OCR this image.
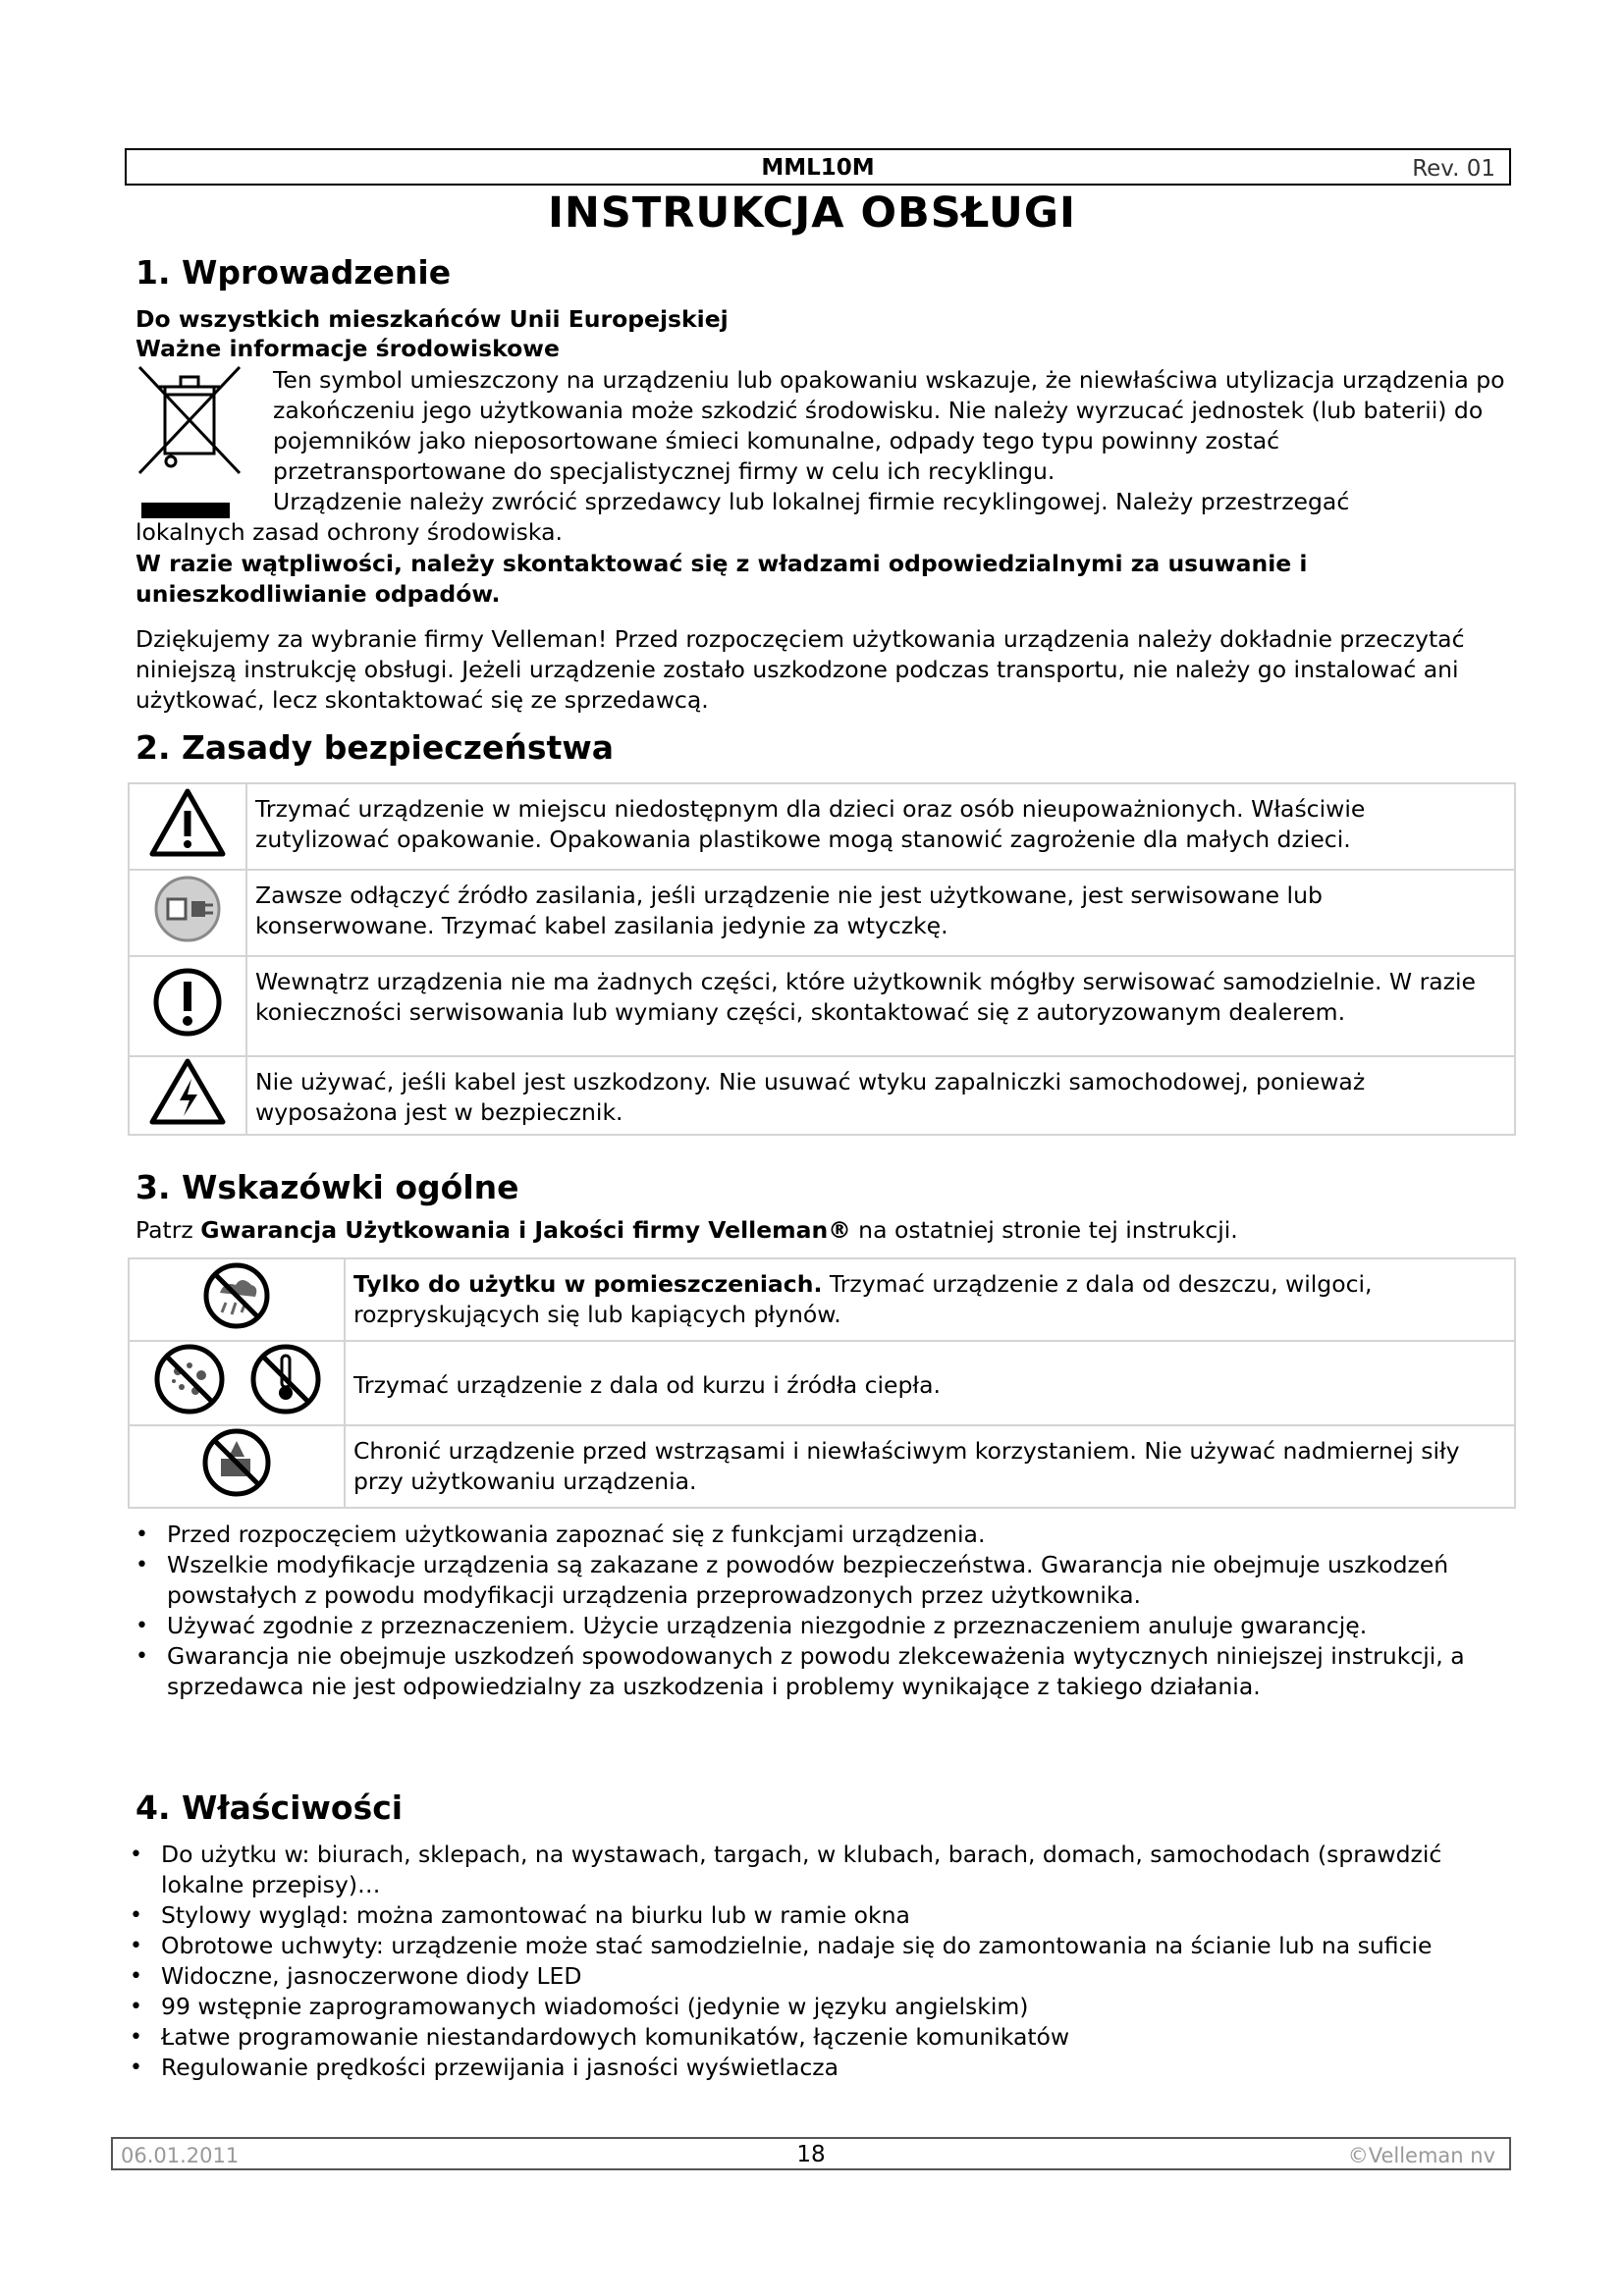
MML10M	Rev. 01
INSTRUKCJA OBSŁUGI
1. Wprowadzenie
Do wszystkich mieszkańców Unii Europejskiej
Ważne informacje środowiskowe
Ten symbol umieszczony na urządzeniu lub opakowaniu wskazuje, że niewłaściwa utylizacja urządzenia po zakończeniu jego użytkowania może szkodzić środowisku. Nie należy wyrzucać jednostek (lub baterii) do pojemników jako nieposortowane śmieci komunalne, odpady tego typu powinny zostać przetransportowane do specjalistycznej firmy w celu ich recyklingu.
Urządzenie należy zwrócić sprzedawcy lub lokalnej firmie recyklingowej. Należy przestrzegać
lokalnych zasad ochrony środowiska.
W razie wątpliwości, należy skontaktować się z władzami odpowiedzialnymi za usuwanie i unieszkodliwianie odpadów.
Dziękujemy za wybranie firmy Velleman! Przed rozpoczęciem użytkowania urządzenia należy dokładnie przeczytać niniejszą instrukcję obsługi. Jeżeli urządzenie zostało uszkodzone podczas transportu, nie należy go instalować ani użytkować, lecz skontaktować się ze sprzedawcą.
2. Zasady bezpieczeństwa
	Trzymać urządzenie w miejscu niedostępnym dla dzieci oraz osób nieupoważnionych. Właściwie zutylizować opakowanie. Opakowania plastikowe mogą stanowić zagrożenie dla małych dzieci.
	Zawsze odłączyć źródło zasilania, jeśli urządzenie nie jest użytkowane, jest serwisowane lub konserwowane. Trzymać kabel zasilania jedynie za wtyczkę.
	Wewnątrz urządzenia nie ma żadnych części, które użytkownik mógłby serwisować samodzielnie. W razie konieczności serwisowania lub wymiany części, skontaktować się z autoryzowanym dealerem.
	Nie używać, jeśli kabel jest uszkodzony. Nie usuwać wtyku zapalniczki samochodowej, ponieważ wyposażona jest w bezpiecznik.
3. Wskazówki ogólne
Patrz Gwarancja Użytkowania i Jakości firmy Velleman® na ostatniej stronie tej instrukcji.
	Tylko do użytku w pomieszczeniach. Trzymać urządzenie z dala od deszczu, wilgoci, rozpryskujących się lub kapiących płynów.
	Trzymać urządzenie z dala od kurzu i źródła ciepła.
	Chronić urządzenie przed wstrząsami i niewłaściwym korzystaniem. Nie używać nadmiernej siły przy użytkowaniu urządzenia.
• Przed rozpoczęciem użytkowania zapoznać się z funkcjami urządzenia.
• Wszelkie modyfikacje urządzenia są zakazane z powodów bezpieczeństwa. Gwarancja nie obejmuje uszkodzeń powstałych z powodu modyfikacji urządzenia przeprowadzonych przez użytkownika.
• Używać zgodnie z przeznaczeniem. Użycie urządzenia niezgodnie z przeznaczeniem anuluje gwarancję.
• Gwarancja nie obejmuje uszkodzeń spowodowanych z powodu zlekceważenia wytycznych niniejszej instrukcji, a sprzedawca nie jest odpowiedzialny za uszkodzenia i problemy wynikające z takiego działania.
4. Właściwości
• Do użytku w: biurach, sklepach, na wystawach, targach, w klubach, barach, domach, samochodach (sprawdzić lokalne przepisy)…
• Stylowy wygląd: można zamontować na biurku lub w ramie okna
• Obrotowe uchwyty: urządzenie może stać samodzielnie, nadaje się do zamontowania na ścianie lub na suficie
• Widoczne, jasnoczerwone diody LED
• 99 wstępnie zaprogramowanych wiadomości (jedynie w języku angielskim)
• Łatwe programowanie niestandardowych komunikatów, łączenie komunikatów
• Regulowanie prędkości przewijania i jasności wyświetlacza
06.01.2011	18	©Velleman nv
